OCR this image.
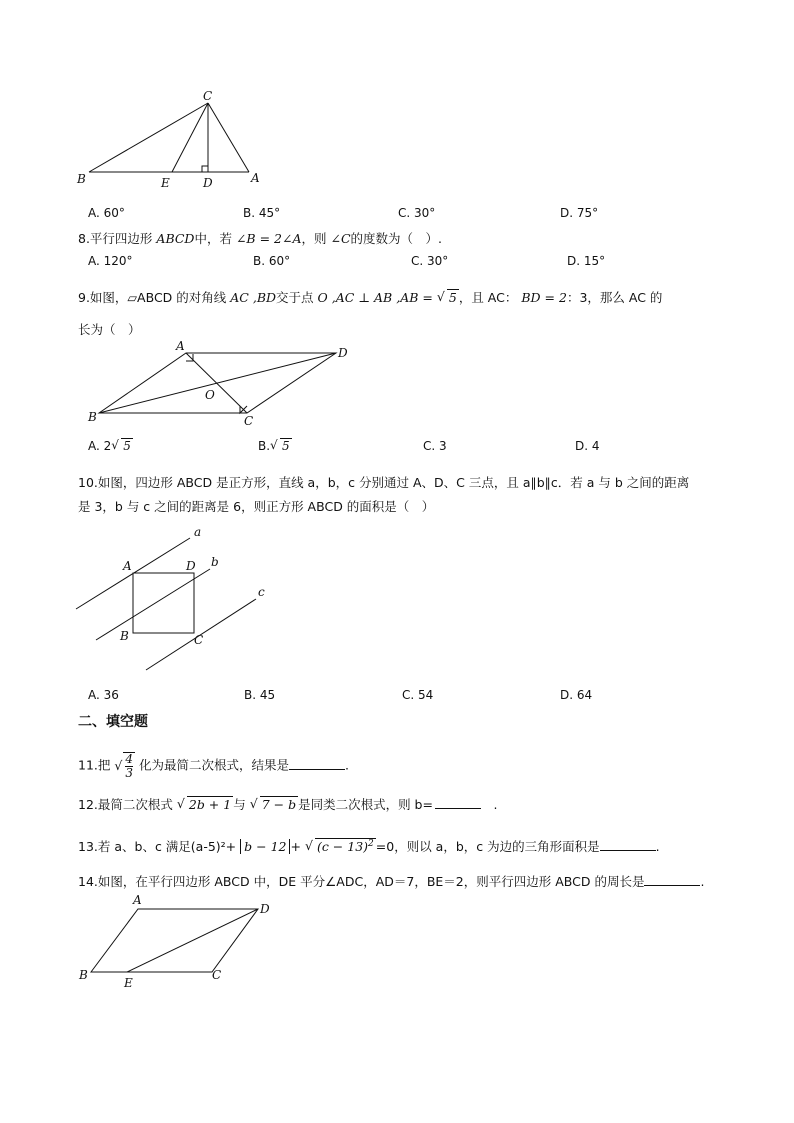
B	E	D	A
C
A. 60°	B. 45°	C. 30°	D. 75°
8.平行四边形 ABCD中，若 ∠B = 2∠A，则 ∠C的度数为（　）.
A. 120°	B. 60°	C. 30°	D. 15°
9.如图，▱ABCD 的对角线 AC ,BD交于点 O ,AC ⊥ AB ,AB = √ 5 ，且 AC： BD = 2：3，那么 AC 的
长为（　）
A
B	C
D
O
A. 2 √ 5	B. √ 5	C. 3	D. 4
10.如图，四边形 ABCD 是正方形，直线 a，b，c 分别通过 A、D、C 三点，且 a∥b∥c．若 a 与 b 之间的距离
是 3，b 与 c 之间的距离是 6，则正方形 ABCD 的面积是（　）
a
b
c
A	D
B	C
A. 36	B. 45	C. 54	D. 64
二、填空题
11.把 √ $\frac{4}{3}$ 化为最简二次根式，结果是	.
12.最简二次根式 √ 2b + 1 与 √ 7 − b 是同类二次根式，则 b=	　.
13.若 a、b、c 满足(a-5)²+ b − 12 + √ $(c - 13)^2 =0$，则以 a，b，c 为边的三角形面积是	.
14.如图，在平行四边形 ABCD 中，DE 平分∠ADC，AD＝7，BE＝2，则平行四边形 ABCD 的周长是	.
A
D
B
E
C
